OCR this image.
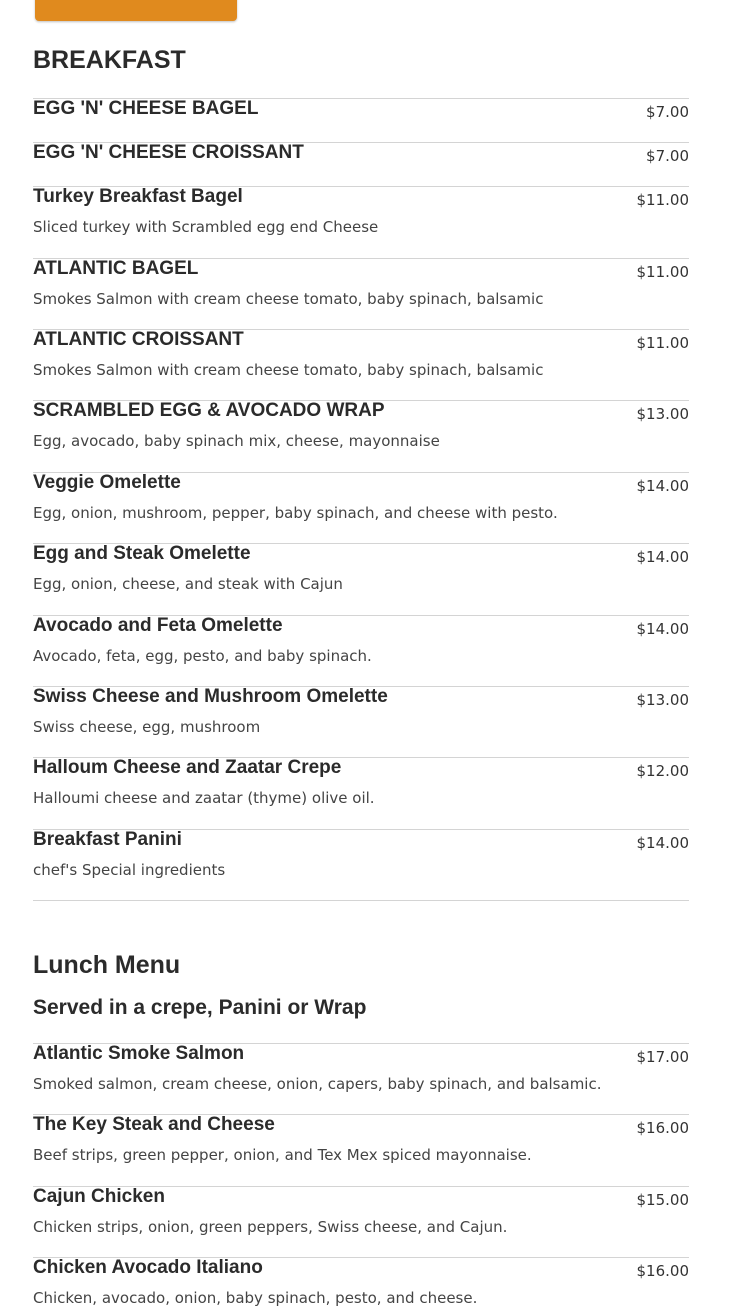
BREAKFAST
EGG 'N' CHEESE BAGEL	$7.00
EGG 'N' CHEESE CROISSANT	$7.00
Turkey Breakfast Bagel	$11.00
Sliced turkey with Scrambled egg end Cheese
ATLANTIC BAGEL	$11.00
Smokes Salmon with cream cheese tomato, baby spinach, balsamic
ATLANTIC CROISSANT	$11.00
Smokes Salmon with cream cheese tomato, baby spinach, balsamic
SCRAMBLED EGG & AVOCADO WRAP	$13.00
Egg, avocado, baby spinach mix, cheese, mayonnaise
Veggie Omelette	$14.00
Egg, onion, mushroom, pepper, baby spinach, and cheese with pesto.
Egg and Steak Omelette	$14.00
Egg, onion, cheese, and steak with Cajun
Avocado and Feta Omelette	$14.00
Avocado, feta, egg, pesto, and baby spinach.
Swiss Cheese and Mushroom Omelette	$13.00
Swiss cheese, egg, mushroom
Halloum Cheese and Zaatar Crepe	$12.00
Halloumi cheese and zaatar (thyme) olive oil.
Breakfast Panini	$14.00
chef's Special ingredients
Lunch Menu
Served in a crepe, Panini or Wrap
Atlantic Smoke Salmon	$17.00
Smoked salmon, cream cheese, onion, capers, baby spinach, and balsamic.
The Key Steak and Cheese	$16.00
Beef strips, green pepper, onion, and Tex Mex spiced mayonnaise.
Cajun Chicken	$15.00
Chicken strips, onion, green peppers, Swiss cheese, and Cajun.
Chicken Avocado Italiano	$16.00
Chicken, avocado, onion, baby spinach, pesto, and cheese.
